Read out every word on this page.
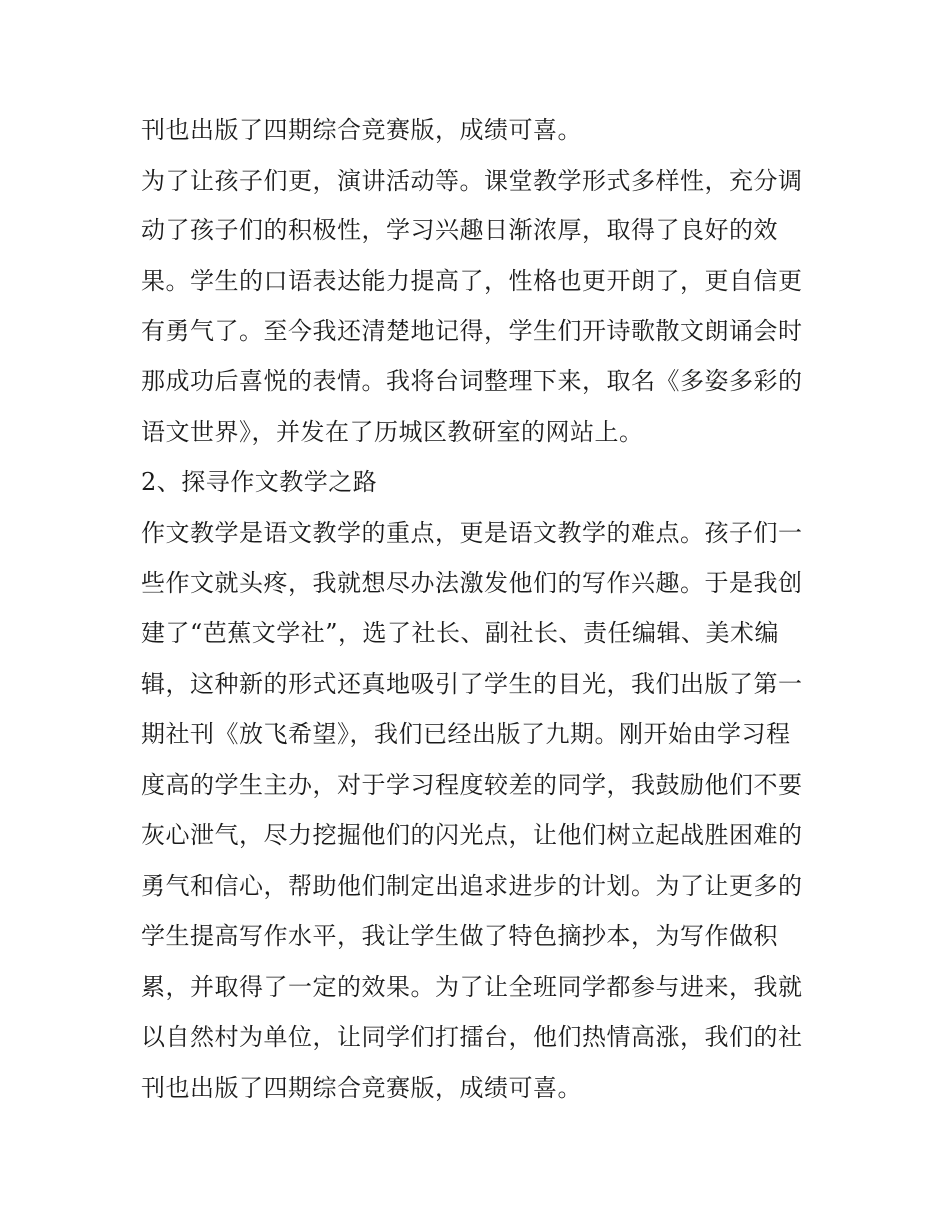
刊也出版了四期综合竞赛版，成绩可喜。
为了让孩子们更，演讲活动等。课堂教学形式多样性，充分调
动了孩子们的积极性，学习兴趣日渐浓厚，取得了良好的效
果。学生的口语表达能力提高了，性格也更开朗了，更自信更
有勇气了。至今我还清楚地记得，学生们开诗歌散文朗诵会时
那成功后喜悦的表情。我将台词整理下来，取名《多姿多彩的
语文世界》，并发在了历城区教研室的网站上。
2、探寻作文教学之路
作文教学是语文教学的重点，更是语文教学的难点。孩子们一
些作文就头疼，我就想尽办法激发他们的写作兴趣。于是我创
建了“芭蕉文学社”，选了社长、副社长、责任编辑、美术编
辑，这种新的形式还真地吸引了学生的目光，我们出版了第一
期社刊《放飞希望》，我们已经出版了九期。刚开始由学习程
度高的学生主办，对于学习程度较差的同学，我鼓励他们不要
灰心泄气，尽力挖掘他们的闪光点，让他们树立起战胜困难的
勇气和信心，帮助他们制定出追求进步的计划。为了让更多的
学生提高写作水平，我让学生做了特色摘抄本，为写作做积
累，并取得了一定的效果。为了让全班同学都参与进来，我就
以自然村为单位，让同学们打擂台，他们热情高涨，我们的社
刊也出版了四期综合竞赛版，成绩可喜。
